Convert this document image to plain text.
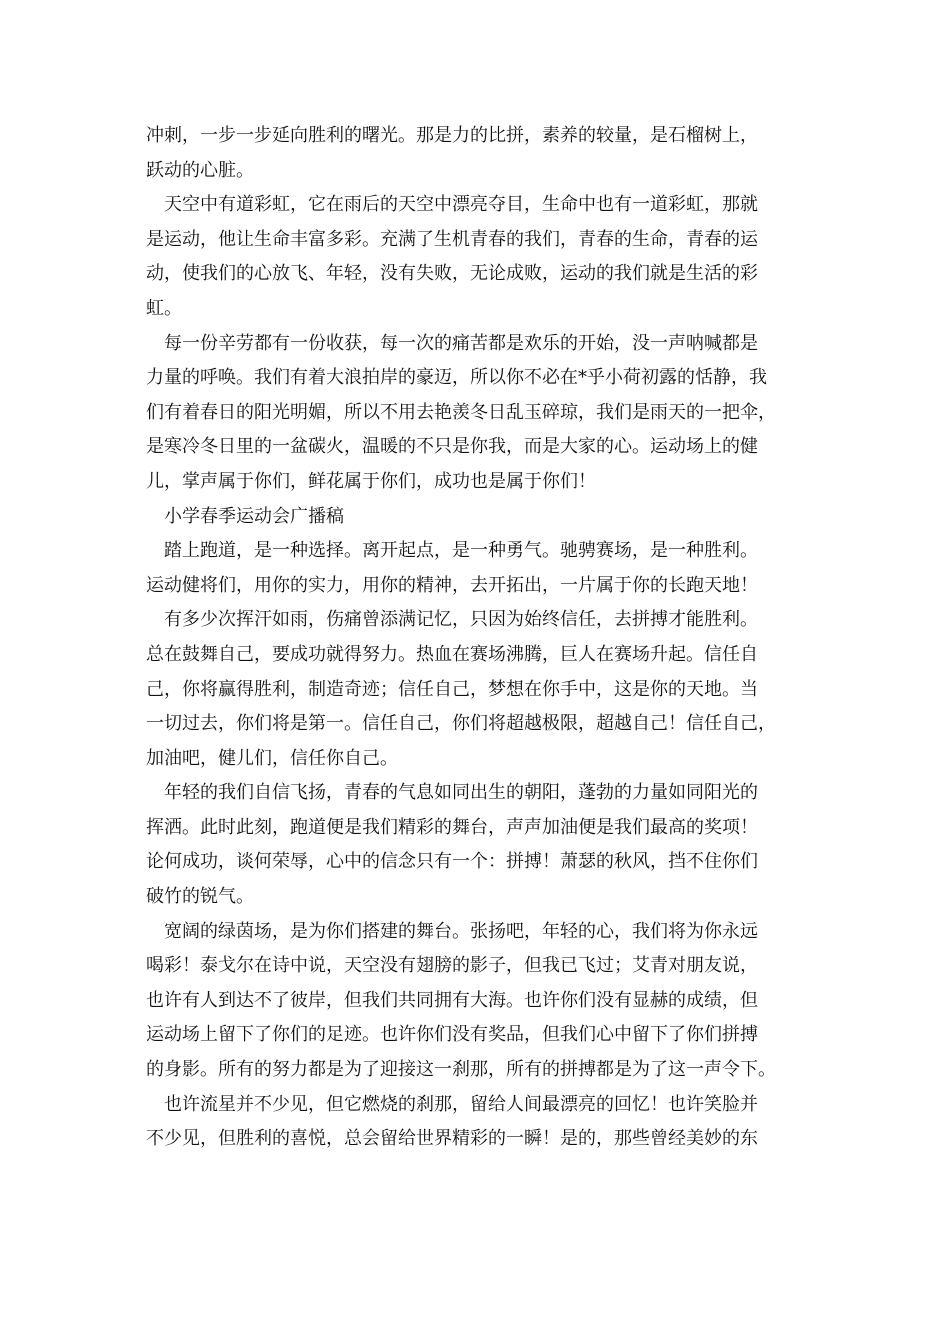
冲刺，一步一步延向胜利的曙光。那是力的比拼，素养的较量，是石榴树上，
跃动的心脏。
天空中有道彩虹，它在雨后的天空中漂亮夺目，生命中也有一道彩虹，那就
是运动，他让生命丰富多彩。充满了生机青春的我们，青春的生命，青春的运
动，使我们的心放飞、年轻，没有失败，无论成败，运动的我们就是生活的彩
虹。
每一份辛劳都有一份收获，每一次的痛苦都是欢乐的开始，没一声呐喊都是
力量的呼唤。我们有着大浪拍岸的豪迈，所以你不必在*乎小荷初露的恬静，我
们有着春日的阳光明媚，所以不用去艳羡冬日乱玉碎琼，我们是雨天的一把伞，
是寒冷冬日里的一盆碳火，温暖的不只是你我，而是大家的心。运动场上的健
儿，掌声属于你们，鲜花属于你们，成功也是属于你们！
小学春季运动会广播稿
踏上跑道，是一种选择。离开起点，是一种勇气。驰骋赛场，是一种胜利。
运动健将们，用你的实力，用你的精神，去开拓出，一片属于你的长跑天地！
有多少次挥汗如雨，伤痛曾添满记忆，只因为始终信任，去拼搏才能胜利。
总在鼓舞自己，要成功就得努力。热血在赛场沸腾，巨人在赛场升起。信任自
己，你将赢得胜利，制造奇迹；信任自己，梦想在你手中，这是你的天地。当
一切过去，你们将是第一。信任自己，你们将超越极限，超越自己！信任自己，
加油吧，健儿们，信任你自己。
年轻的我们自信飞扬，青春的气息如同出生的朝阳，蓬勃的力量如同阳光的
挥洒。此时此刻，跑道便是我们精彩的舞台，声声加油便是我们最高的奖项！
论何成功，谈何荣辱，心中的信念只有一个：拼搏！萧瑟的秋风，挡不住你们
破竹的锐气。
宽阔的绿茵场，是为你们搭建的舞台。张扬吧，年轻的心，我们将为你永远
喝彩！泰戈尔在诗中说，天空没有翅膀的影子，但我已飞过；艾青对朋友说，
也许有人到达不了彼岸，但我们共同拥有大海。也许你们没有显赫的成绩，但
运动场上留下了你们的足迹。也许你们没有奖品，但我们心中留下了你们拼搏
的身影。所有的努力都是为了迎接这一刹那，所有的拼搏都是为了这一声令下。
也许流星并不少见，但它燃烧的刹那，留给人间最漂亮的回忆！也许笑脸并
不少见，但胜利的喜悦，总会留给世界精彩的一瞬！是的，那些曾经美妙的东
